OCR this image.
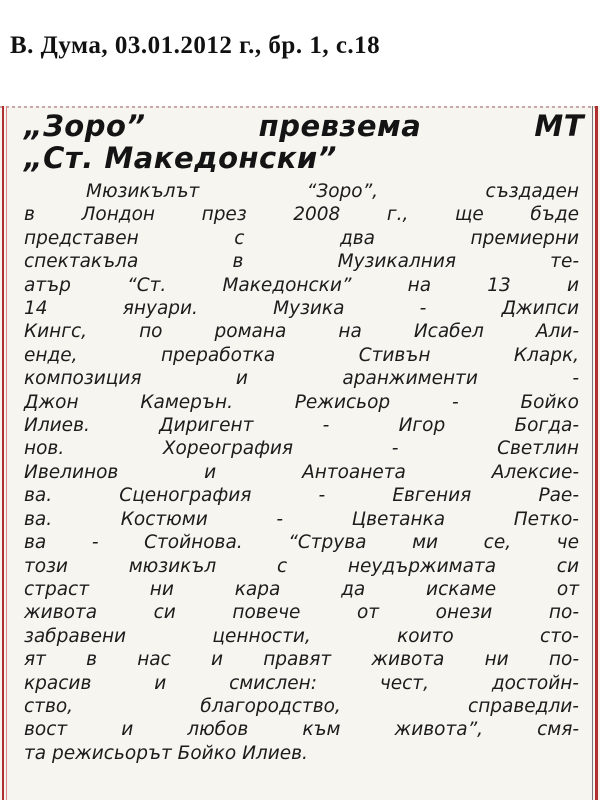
В. Дума, 03.01.2012 г., бр. 1, с.18
„Зоро” превзема МТ
„Ст. Македонски”
Мюзикълът “Зоро”, създаден
в Лондон през 2008 г., ще бъде
представен с два премиерни
спектакъла в Музикалния те-
атър “Ст. Македонски” на 13 и
14 януари. Музика - Джипси
Кингс, по романа на Исабел Али-
енде, преработка Стивън Кларк,
композиция и аранжименти -
Джон Камерън. Режисьор - Бойко
Илиев. Диригент - Игор Богда-
нов. Хореография - Светлин
Ивелинов и Антоанета Алексие-
ва. Сценография - Евгения Рае-
ва. Костюми - Цветанка Петко-
ва - Стойнова. “Струва ми се, че
този мюзикъл с неудържимата си
страст ни кара да искаме от
живота си повече от онези по-
забравени ценности, които сто-
ят в нас и правят живота ни по-
красив и смислен: чест, достойн-
ство, благородство, справедли-
вост и любов към живота”, смя-
та режисьорът Бойко Илиев.
